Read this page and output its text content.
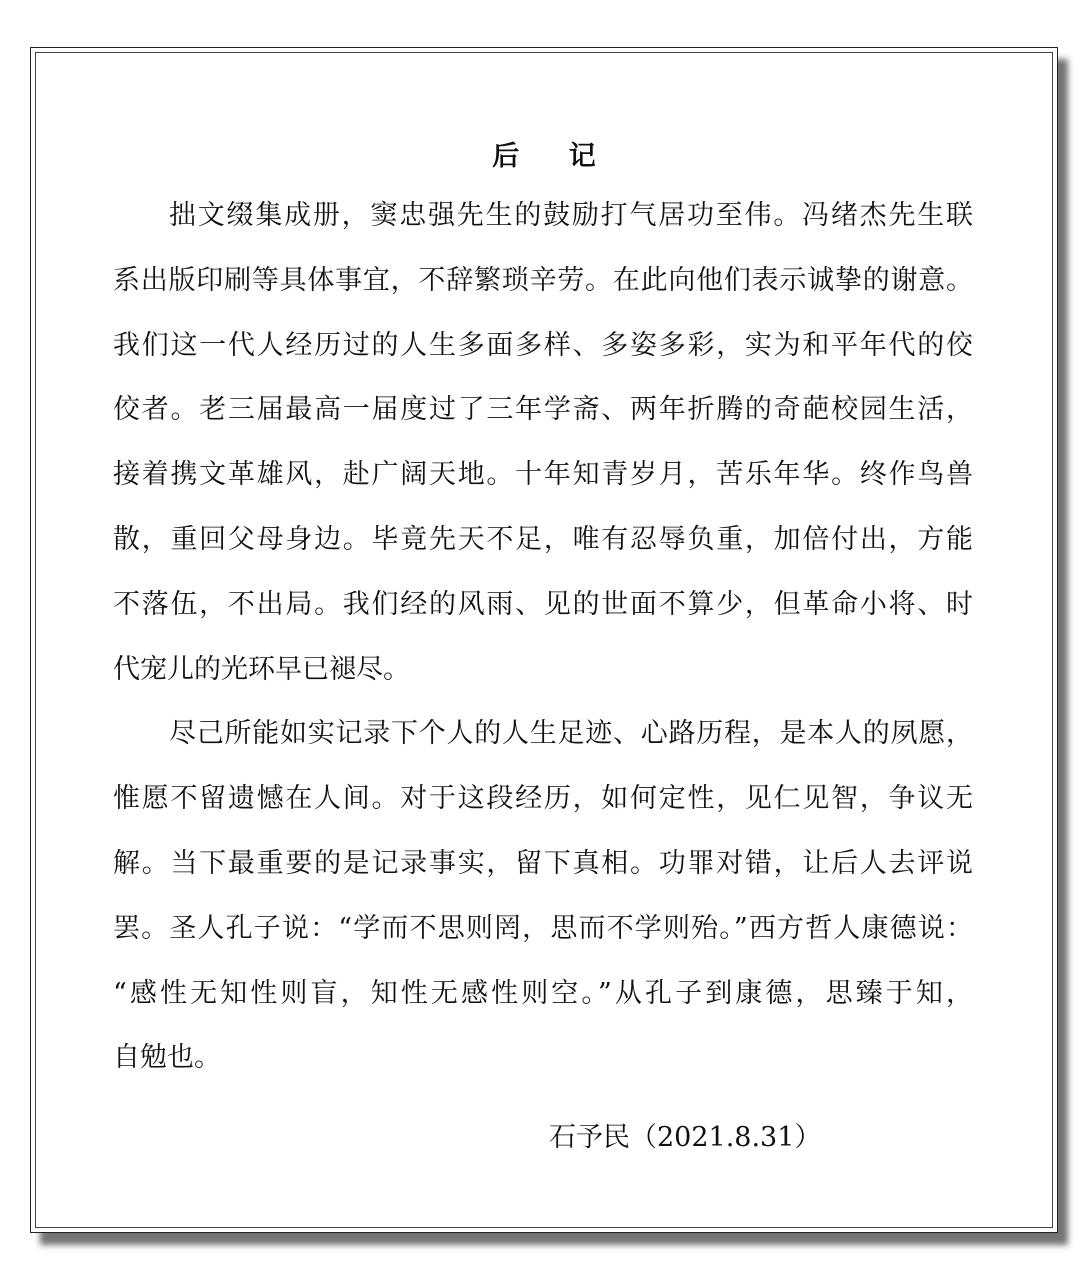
后 记
拙文缀集成册，窦忠强先生的鼓励打气居功至伟。冯绪杰先生联
系出版印刷等具体事宜，不辞繁琐辛劳。在此向他们表示诚挚的谢意。
我们这一代人经历过的人生多面多样、多姿多彩，实为和平年代的佼
佼者。老三届最高一届度过了三年学斋、两年折腾的奇葩校园生活，
接着携文革雄风，赴广阔天地。十年知青岁月，苦乐年华。终作鸟兽
散，重回父母身边。毕竟先天不足，唯有忍辱负重，加倍付出，方能
不落伍，不出局。我们经的风雨、见的世面不算少，但革命小将、时
代宠儿的光环早已褪尽。
尽己所能如实记录下个人的人生足迹、心路历程，是本人的夙愿，
惟愿不留遗憾在人间。对于这段经历，如何定性，见仁见智，争议无
解。当下最重要的是记录事实，留下真相。功罪对错，让后人去评说
罢。圣人孔子说：“学而不思则罔，思而不学则殆。”西方哲人康德说：
“感性无知性则盲，知性无感性则空。”从孔子到康德，思臻于知，
自勉也。
石予民（2021.8.31）
